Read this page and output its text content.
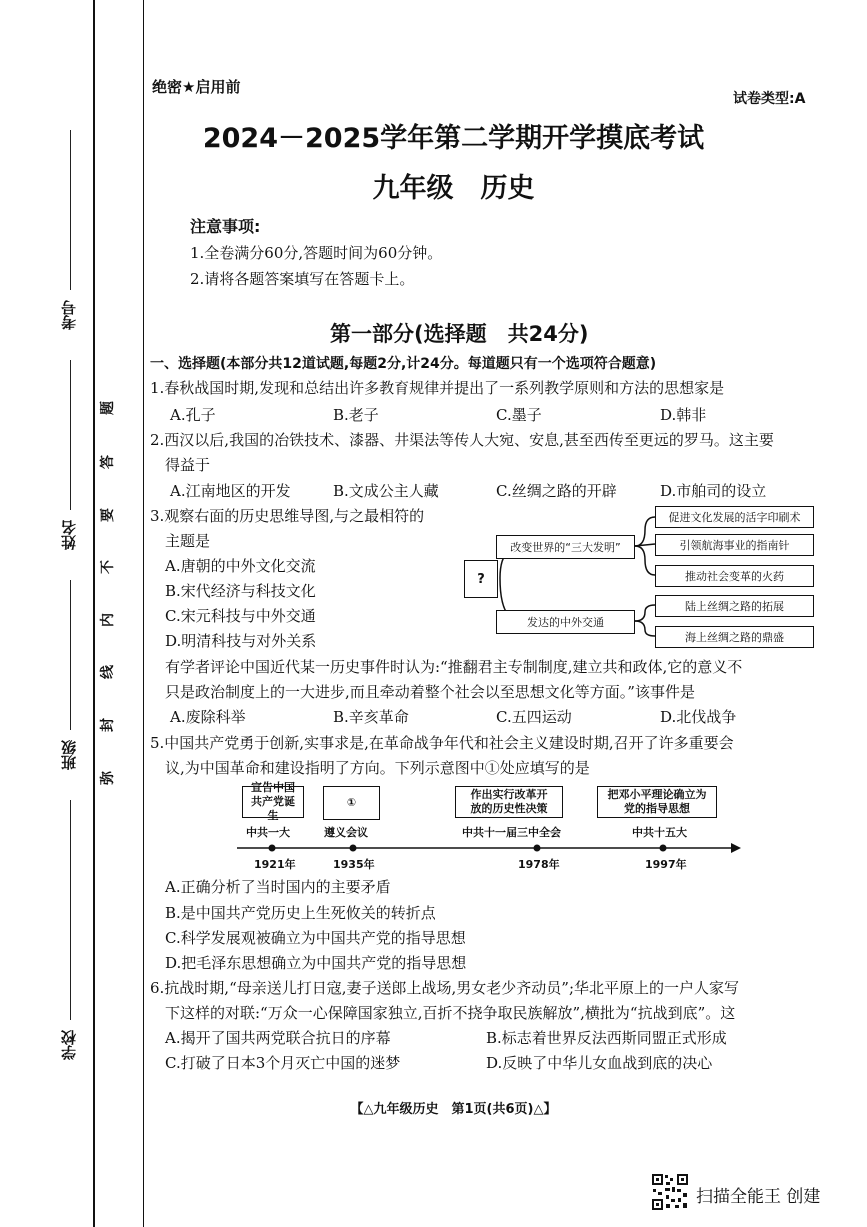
考号
姓名
班级
学校
题
答
要
不
内
线
封
弥
绝密★启用前
试卷类型:A
2024－2025学年第二学期开学摸底考试
九年级　历史
注意事项:
1.全卷满分60分,答题时间为60分钟。
2.请将各题答案填写在答题卡上。
第一部分(选择题　共24分)
一、选择题(本部分共12道试题,每题2分,计24分。每道题只有一个选项符合题意)
1.春秋战国时期,发现和总结出许多教育规律并提出了一系列教学原则和方法的思想家是
A.孔子	B.老子	C.墨子	D.韩非
2.西汉以后,我国的冶铁技术、漆器、井渠法等传人大宛、安息,甚至西传至更远的罗马。这主要
得益于
A.江南地区的开发	B.文成公主人藏	C.丝绸之路的开辟	D.市舶司的设立
3.观察右面的历史思维导图,与之最相符的
主题是
A.唐朝的中外文化交流
B.宋代经济与科技文化
C.宋元科技与中外交通
D.明清科技与对外关系
?
改变世界的“三大发明”
发达的中外交通
促进文化发展的活字印刷术
引领航海事业的指南针
推动社会变革的火药
陆上丝绸之路的拓展
海上丝绸之路的鼎盛
有学者评论中国近代某一历史事件时认为:“推翻君主专制制度,建立共和政体,它的意义不
只是政治制度上的一大进步,而且牵动着整个社会以至思想文化等方面。”该事件是
A.废除科举	B.辛亥革命	C.五四运动	D.北伐战争
5.中国共产党勇于创新,实事求是,在革命战争年代和社会主义建设时期,召开了许多重要会
议,为中国革命和建设指明了方向。下列示意图中①处应填写的是
宣告中国共产党诞生
①
作出实行改革开放的历史性决策
把邓小平理论确立为党的指导思想
中共一大	遵义会议	中共十一届三中全会	中共十五大
1921年	1935年	1978年	1997年
A.正确分析了当时国内的主要矛盾
B.是中国共产党历史上生死攸关的转折点
C.科学发展观被确立为中国共产党的指导思想
D.把毛泽东思想确立为中国共产党的指导思想
6.抗战时期,“母亲送儿打日寇,妻子送郎上战场,男女老少齐动员”;华北平原上的一户人家写
下这样的对联:“万众一心保障国家独立,百折不挠争取民族解放”,横批为“抗战到底”。这
A.揭开了国共两党联合抗日的序幕	B.标志着世界反法西斯同盟正式形成
C.打破了日本3个月灭亡中国的迷梦	D.反映了中华儿女血战到底的决心
【△九年级历史　第1页(共6页)△】
扫描全能王 创建
